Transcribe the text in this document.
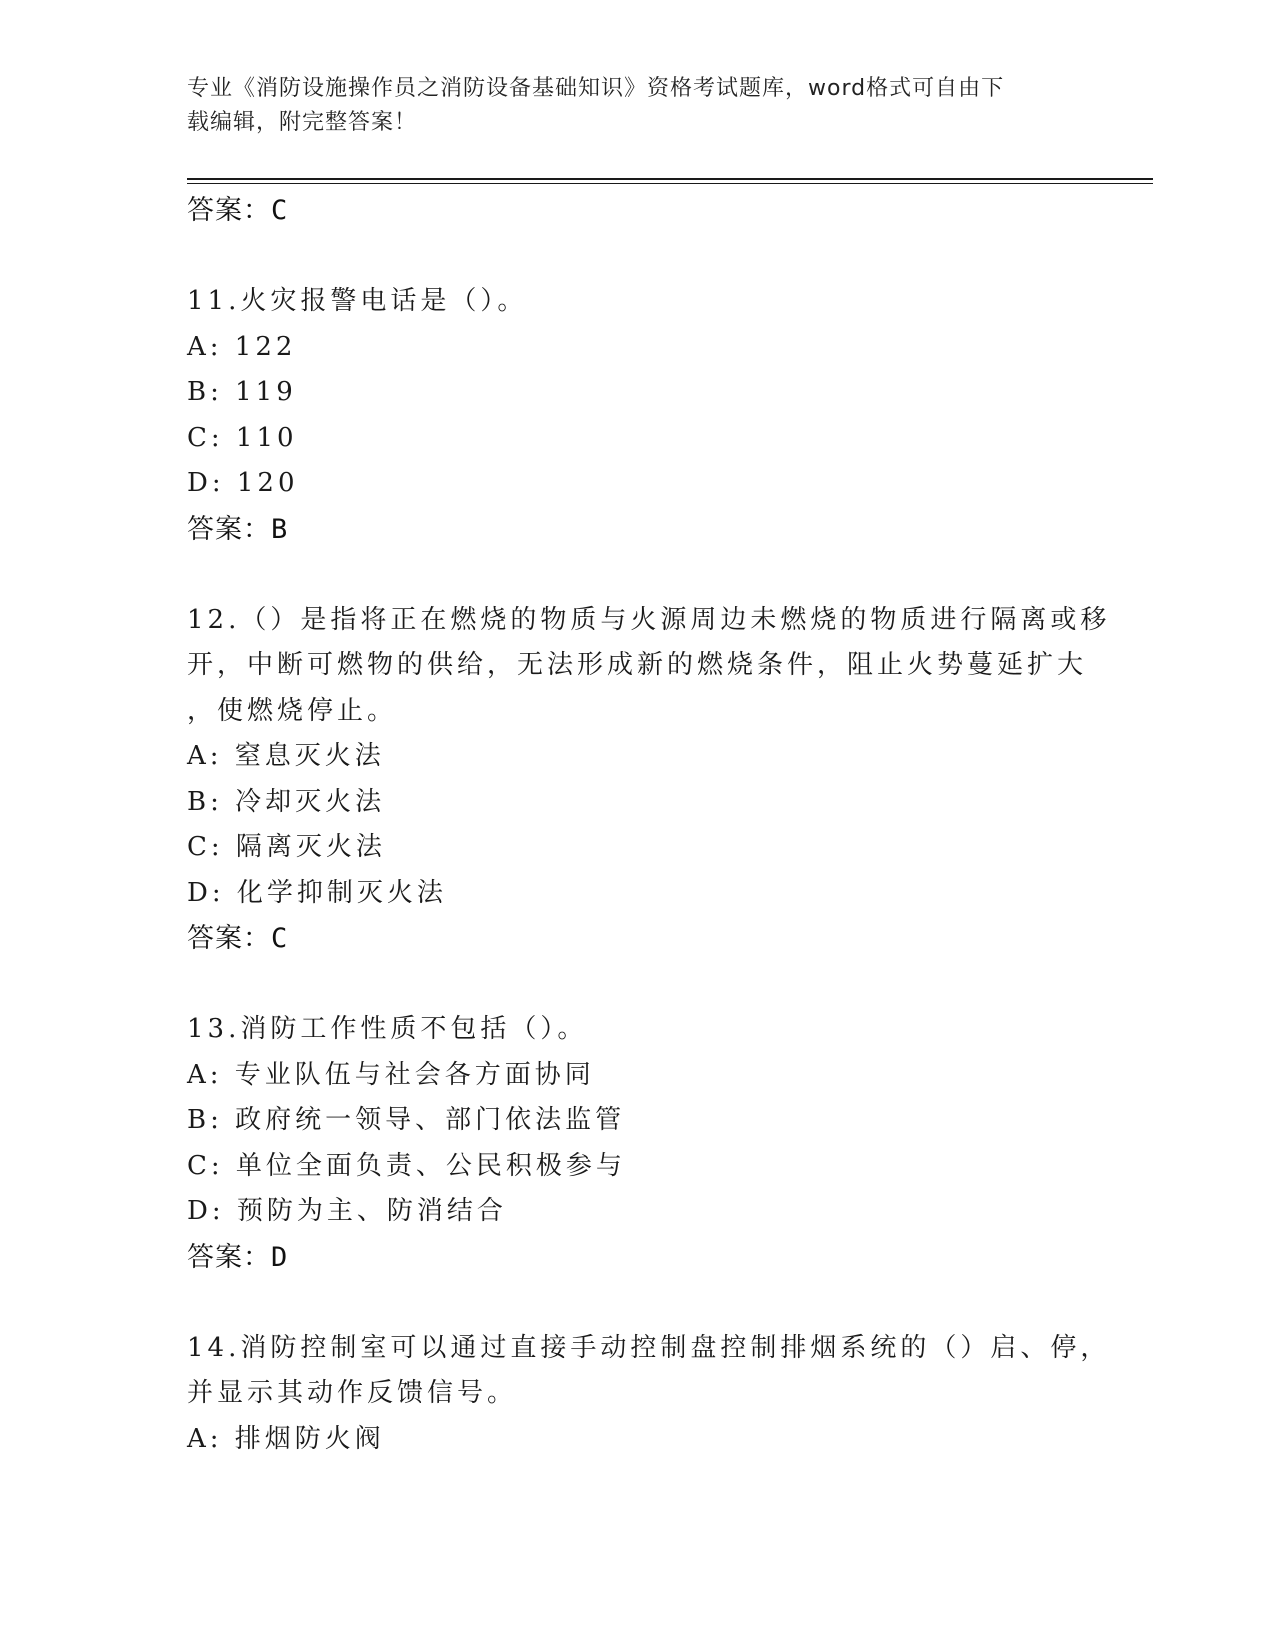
专业《消防设施操作员之消防设备基础知识》资格考试题库，word格式可自由下
载编辑，附完整答案！
答案：C
11.火灾报警电话是（）。
A: 122
B: 119
C: 110
D: 120
答案：B
12.（）是指将正在燃烧的物质与火源周边未燃烧的物质进行隔离或移
开，中断可燃物的供给，无法形成新的燃烧条件，阻止火势蔓延扩大
，使燃烧停止。
A: 窒息灭火法
B: 冷却灭火法
C: 隔离灭火法
D: 化学抑制灭火法
答案：C
13.消防工作性质不包括（）。
A: 专业队伍与社会各方面协同
B: 政府统一领导、部门依法监管
C: 单位全面负责、公民积极参与
D: 预防为主、防消结合
答案：D
14.消防控制室可以通过直接手动控制盘控制排烟系统的（）启、停，
并显示其动作反馈信号。
A: 排烟防火阀
